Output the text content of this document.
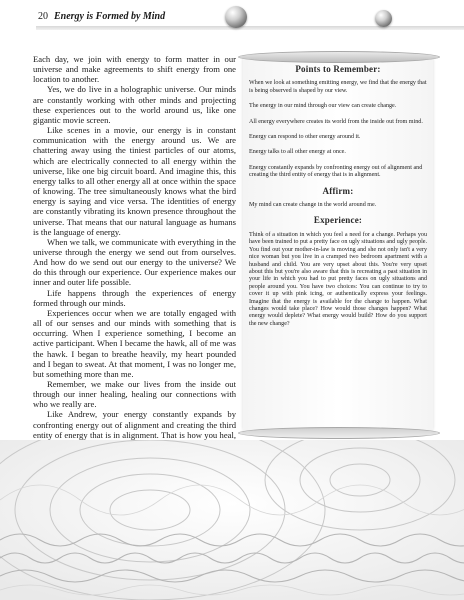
20 Energy is Formed by Mind

Each day, we join with energy to form matter in our universe and make agreements to shift energy from one location to another.

Yes, we do live in a holographic universe. Our minds are constantly working with other minds and projecting these experiences out to the world around us, like one gigantic movie screen.

Like scenes in a movie, our energy is in constant communication with the energy around us. We are chattering away using the tiniest particles of our atoms, which are electrically connected to all energy within the universe, like one big circuit board. And imagine this, this energy talks to all other energy all at once within the space of knowing. The tree simultaneously knows what the bird energy is saying and vice versa. The identities of energy are constantly vibrating its known presence throughout the universe. That means that our natural language as humans is the language of energy.

When we talk, we communicate with everything in the universe through the energy we send out from ourselves. And how do we send out our energy to the universe? We do this through our experience. Our experience makes our inner and outer life possible.

Life happens through the experiences of energy formed through our minds.

Experiences occur when we are totally engaged with all of our senses and our minds with something that is occurring. When I experience something, I become an active participant. When I became the hawk, all of me was the hawk. I began to breathe heavily, my heart pounded and I began to sweat. At that moment, I was no longer me, but something more than me.

Remember, we make our lives from the inside out through our inner healing, healing our connections with who we really are.

Like Andrew, your energy constantly expands by confronting energy out of alignment and creating the third entity of energy that is in alignment. That is how you heal,

Points to Remember:

When we look at something emitting energy, we find that the energy that is being observed is shaped by our view.

The energy in our mind through our view can create change.

All energy everywhere creates its world from the inside out from mind.

Energy can respond to other energy around it.

Energy talks to all other energy at once.

Energy constantly expands by confronting energy out of alignment and creating the third entity of energy that is in alignment.

Affirm:

My mind can create change in the world around me.

Experience:

Think of a situation in which you feel a need for a change. Perhaps you have been trained to put a pretty face on ugly situations and ugly people. You find out your mother-in-law is moving and she not only isn't a very nice woman but you live in a cramped two bedroom apartment with a husband and child. You are very upset about this. You're very upset about this but you're also aware that this is recreating a past situation in your life in which you had to put pretty faces on ugly situations and people around you. You have two choices: You can continue to try to cover it up with pink icing, or authentically express your feelings. Imagine that the energy is available for the change to happen. What changes would take place? How would those changes happen? What energy would deplete? What energy would build? How do you support the new change?
